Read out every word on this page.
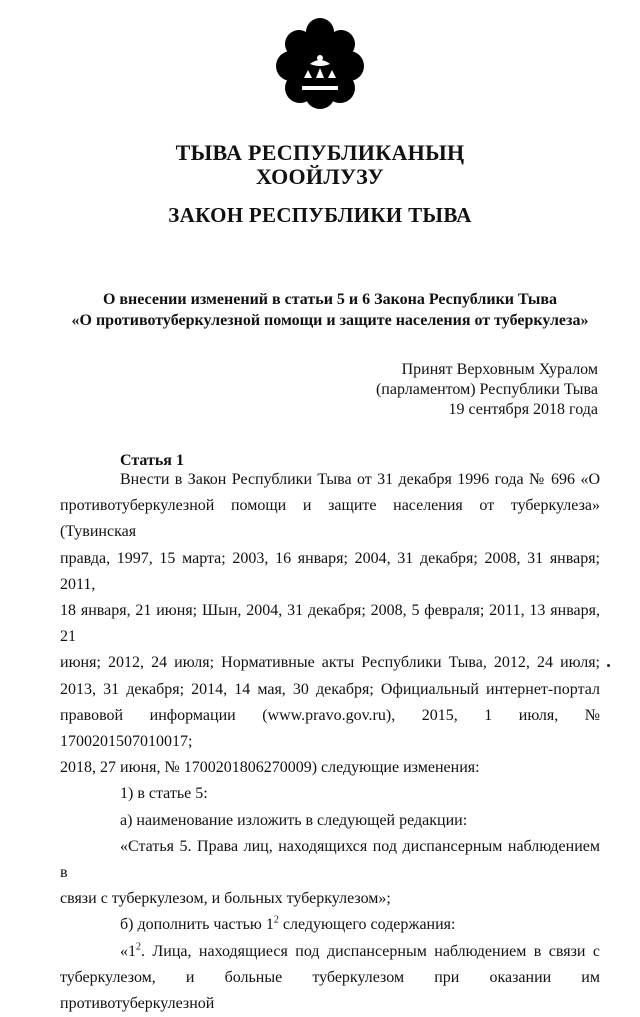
ТЫВА РЕСПУБЛИКАНЫҢ
ХООЙЛУЗУ
ЗАКОН РЕСПУБЛИКИ ТЫВА
О внесении изменений в статьи 5 и 6 Закона Республики Тыва
«О противотуберкулезной помощи и защите населения от туберкулеза»
Принят Верховным Хуралом
(парламентом) Республики Тыва
19 сентября 2018 года
Статья 1
Внести в Закон Республики Тыва от 31 декабря 1996 года № 696 «О
противотуберкулезной помощи и защите населения от туберкулеза» (Тувинская
правда, 1997, 15 марта; 2003, 16 января; 2004, 31 декабря; 2008, 31 января; 2011,
18 января, 21 июня; Шын, 2004, 31 декабря; 2008, 5 февраля; 2011, 13 января, 21
июня; 2012, 24 июля; Нормативные акты Республики Тыва, 2012, 24 июля;
2013, 31 декабря; 2014, 14 мая, 30 декабря; Официальный интернет-портал
правовой информации (www.pravo.gov.ru), 2015, 1 июля, № 1700201507010017;
2018, 27 июня, № 1700201806270009) следующие изменения:
1) в статье 5:
а) наименование изложить в следующей редакции:
«Статья 5. Права лиц, находящихся под диспансерным наблюдением в
связи с туберкулезом, и больных туберкулезом»;
б) дополнить частью $1^2$ следующего содержания:
«$1^2$. Лица, находящиеся под диспансерным наблюдением в связи с
туберкулезом, и больные туберкулезом при оказании им противотуберкулезной
